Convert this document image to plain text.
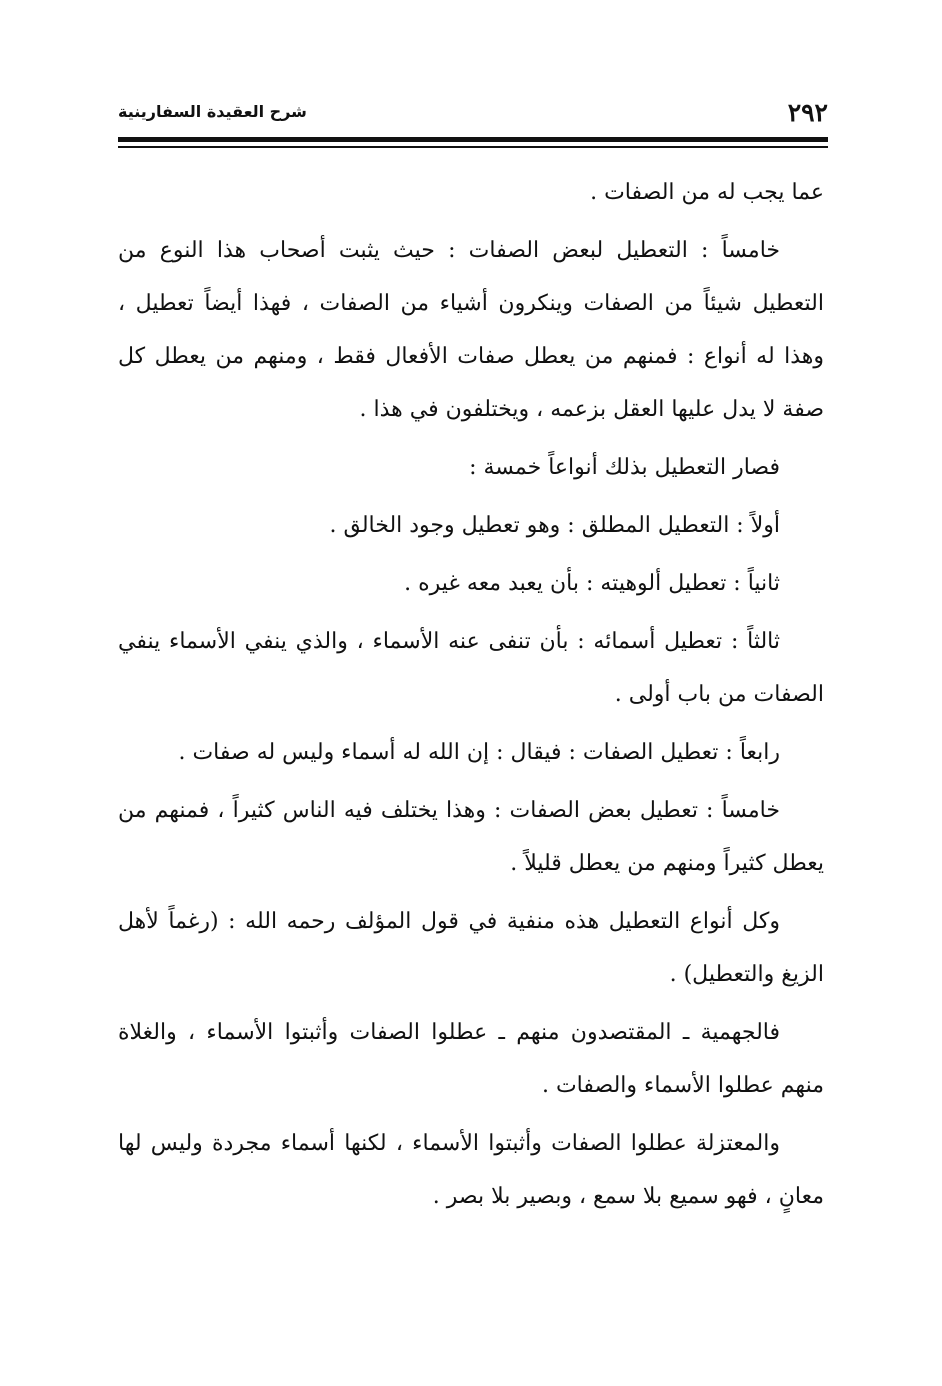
٢٩٢
شرح العقيدة السفارينية

عما يجب له من الصفات .

خامساً : التعطيل لبعض الصفات : حيث يثبت أصحاب هذا النوع من التعطيل شيئاً من الصفات وينكرون أشياء من الصفات ، فهذا أيضاً تعطيل ، وهذا له أنواع : فمنهم من يعطل صفات الأفعال فقط ، ومنهم من يعطل كل صفة لا يدل عليها العقل بزعمه ، ويختلفون في هذا .

فصار التعطيل بذلك أنواعاً خمسة :

أولاً : التعطيل المطلق : وهو تعطيل وجود الخالق .

ثانياً : تعطيل ألوهيته : بأن يعبد معه غيره .

ثالثاً : تعطيل أسمائه : بأن تنفى عنه الأسماء ، والذي ينفي الأسماء ينفي الصفات من باب أولى .

رابعاً : تعطيل الصفات : فيقال : إن الله له أسماء وليس له صفات .

خامساً : تعطيل بعض الصفات : وهذا يختلف فيه الناس كثيراً ، فمنهم من يعطل كثيراً ومنهم من يعطل قليلاً .

وكل أنواع التعطيل هذه منفية في قول المؤلف رحمه الله : (رغماً لأهل الزيغ والتعطيل) .

فالجهمية ـ المقتصدون منهم ـ عطلوا الصفات وأثبتوا الأسماء ، والغلاة منهم عطلوا الأسماء والصفات .

والمعتزلة عطلوا الصفات وأثبتوا الأسماء ، لكنها أسماء مجردة وليس لها معانٍ ، فهو سميع بلا سمع ، وبصير بلا بصر .
